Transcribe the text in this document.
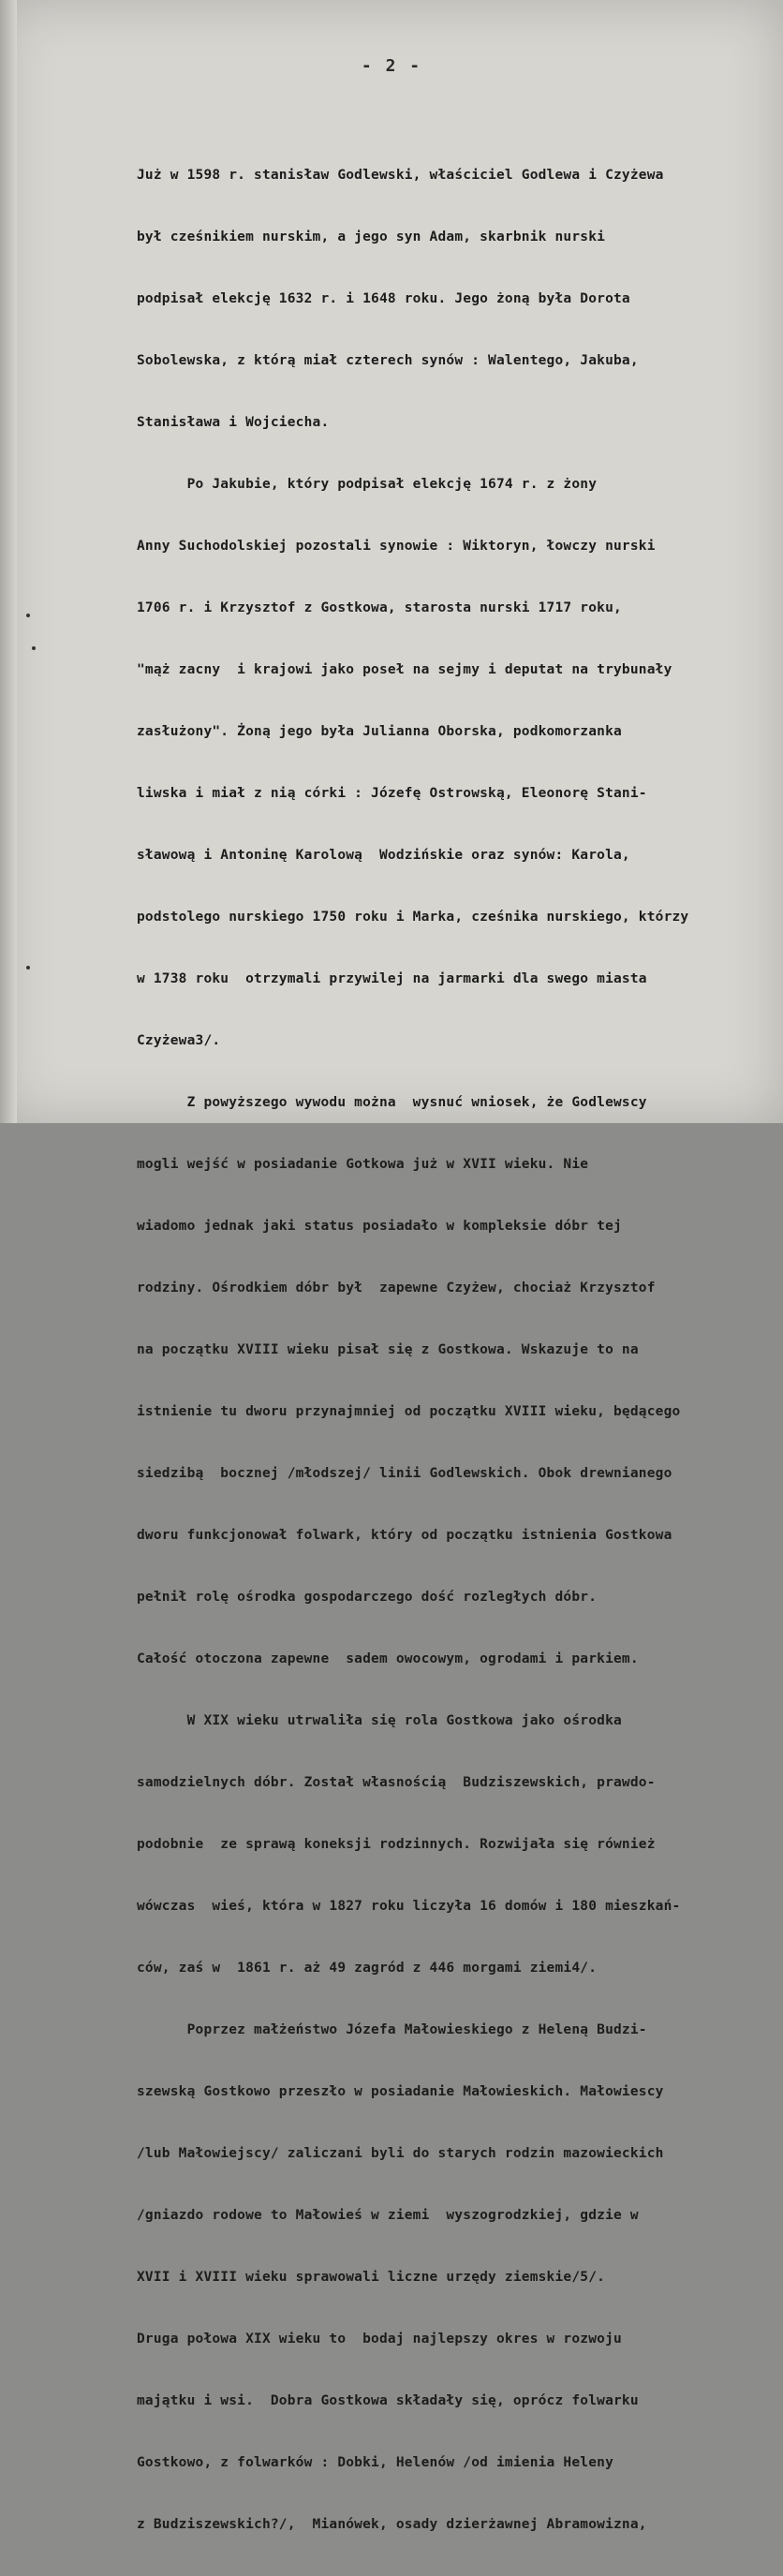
- 2 -

Już w 1598 r. stanisław Godlewski, właściciel Godlewa i Czyżewa

był cześnikiem nurskim, a jego syn Adam, skarbnik nurski

podpisał elekcję 1632 r. i 1648 roku. Jego żoną była Dorota

Sobolewska, z którą miał czterech synów : Walentego, Jakuba,

Stanisława i Wojciecha.

Po Jakubie, który podpisał elekcję 1674 r. z żony

Anny Suchodolskiej pozostali synowie : Wiktoryn, łowczy nurski

1706 r. i Krzysztof z Gostkowa, starosta nurski 1717 roku,

"mąż zacny  i krajowi jako poseł na sejmy i deputat na trybunały

zasłużony". Żoną jego była Julianna Oborska, podkomorzanka

liwska i miał z nią córki : Józefę Ostrowską, Eleonorę Stani-

sławową i Antoninę Karolową  Wodzińskie oraz synów: Karola,

podstolego nurskiego 1750 roku i Marka, cześnika nurskiego, którzy

w 1738 roku  otrzymali przywilej na jarmarki dla swego miasta

Czyżewa3/.

Z powyższego wywodu można  wysnuć wniosek, że Godlewscy

mogli wejść w posiadanie Gotkowa już w XVII wieku. Nie

wiadomo jednak jaki status posiadało w kompleksie dóbr tej

rodziny. Ośrodkiem dóbr był  zapewne Czyżew, chociaż Krzysztof

na początku XVIII wieku pisał się z Gostkowa. Wskazuje to na

istnienie tu dworu przynajmniej od początku XVIII wieku, będącego

siedzibą  bocznej /młodszej/ linii Godlewskich. Obok drewnianego

dworu funkcjonował folwark, który od początku istnienia Gostkowa

pełnił rolę ośrodka gospodarczego dość rozległych dóbr.

Całość otoczona zapewne  sadem owocowym, ogrodami i parkiem.

W XIX wieku utrwaliła się rola Gostkowa jako ośrodka

samodzielnych dóbr. Został własnością  Budziszewskich, prawdo-

podobnie  ze sprawą koneksji rodzinnych. Rozwijała się również

wówczas  wieś, która w 1827 roku liczyła 16 domów i 180 mieszkań-

ców, zaś w  1861 r. aż 49 zagród z 446 morgami ziemi4/.

Poprzez małżeństwo Józefa Małowieskiego z Heleną Budzi-

szewską Gostkowo przeszło w posiadanie Małowieskich. Małowiescy

/lub Małowiejscy/ zaliczani byli do starych rodzin mazowieckich

/gniazdo rodowe to Małowieś w ziemi  wyszogrodzkiej, gdzie w

XVII i XVIII wieku sprawowali liczne urzędy ziemskie/5/.

Druga połowa XIX wieku to  bodaj najlepszy okres w rozwoju

majątku i wsi.  Dobra Gostkowa składały się, oprócz folwarku

Gostkowo, z folwarków : Dobki, Helenów /od imienia Heleny

z Budziszewskich?/,  Mianówek, osady dzierżawnej Abramowizna,
